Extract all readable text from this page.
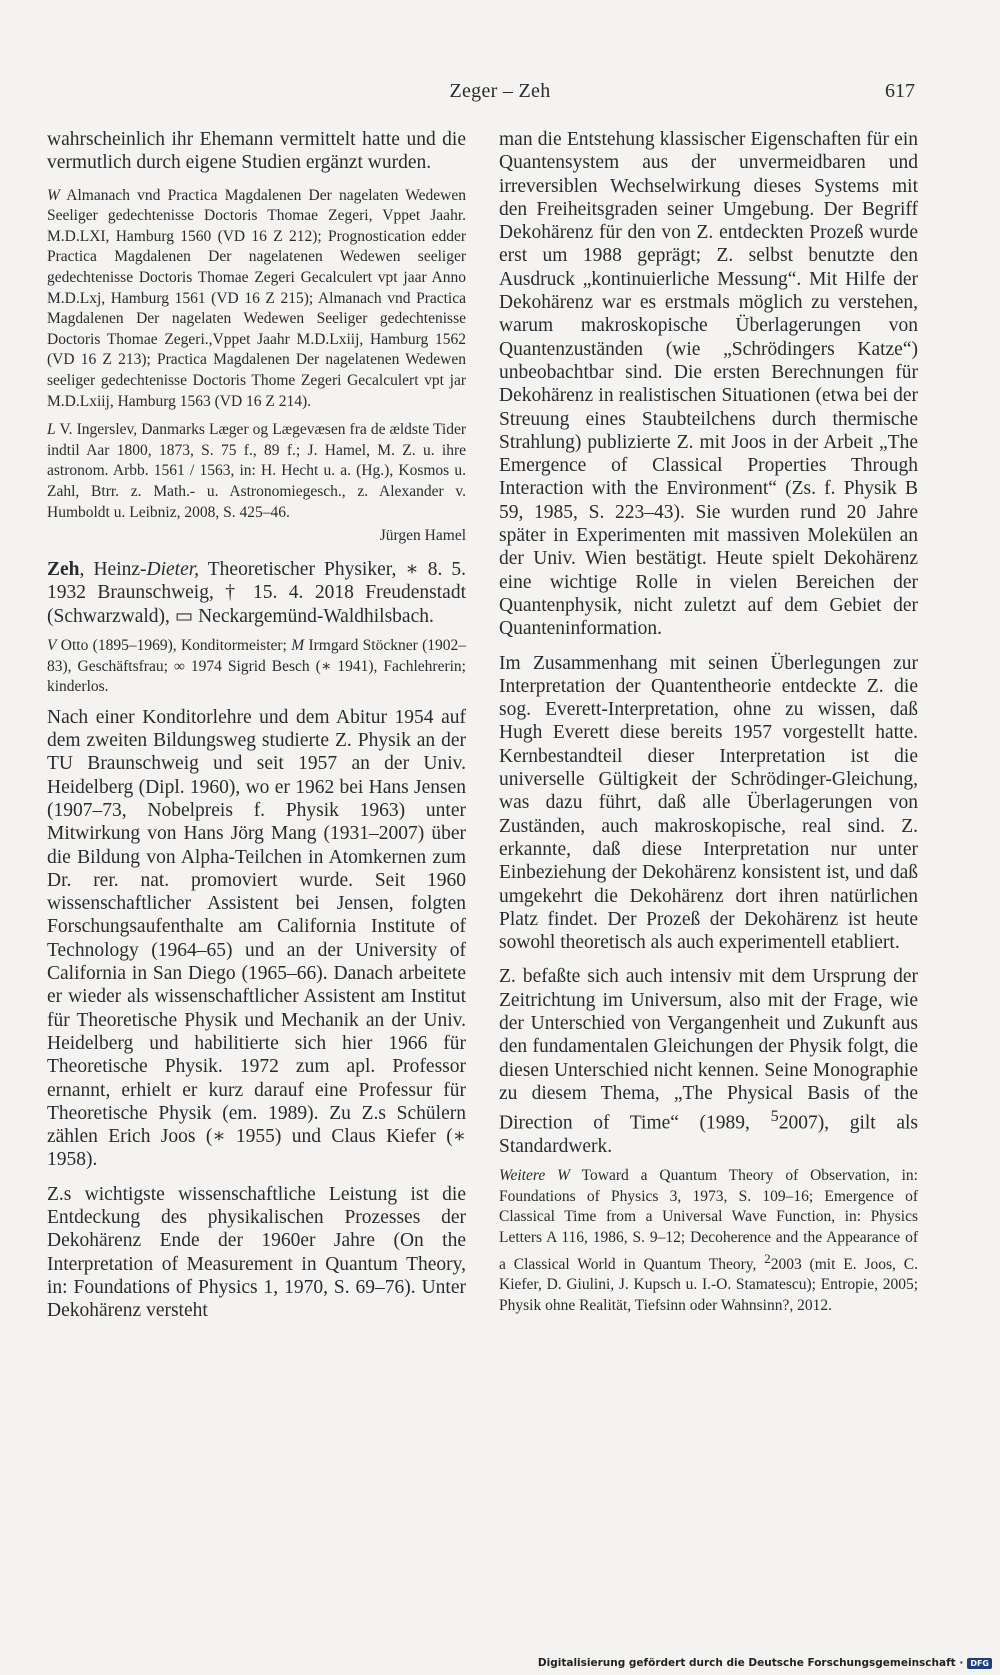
Zeger – Zeh	617

wahrscheinlich ihr Ehemann vermittelt hatte und die vermutlich durch eigene Studien ergänzt wurden.

W Almanach vnd Practica Magdalenen Der nagelaten Wedewen Seeliger gedechtenisse Doctoris Thomae Zegeri, Vppet Jaahr. M.D.LXI, Hamburg 1560 (VD 16 Z 212); Prognostication edder Practica Magdalenen Der nagelatenen Wedewen seeliger gedechtenisse Doctoris Thomae Zegeri Gecalculert vpt jaar Anno M.D.Lxj, Hamburg 1561 (VD 16 Z 215); Almanach vnd Practica Magdalenen Der nagelaten Wedewen Seeliger gedechtenisse Doctoris Thomae Zegeri.,Vppet Jaahr M.D.Lxiij, Hamburg 1562 (VD 16 Z 213); Practica Magdalenen Der nagelatenen Wedewen seeliger gedechtenisse Doctoris Thome Zegeri Gecalculert vpt jar M.D.Lxiij, Hamburg 1563 (VD 16 Z 214).

L V. Ingerslev, Danmarks Læger og Lægevæsen fra de ældste Tider indtil Aar 1800, 1873, S. 75 f., 89 f.; J. Hamel, M. Z. u. ihre astronom. Arbb. 1561 / 1563, in: H. Hecht u. a. (Hg.), Kosmos u. Zahl, Btrr. z. Math.- u. Astronomiegesch., z. Alexander v. Humboldt u. Leibniz, 2008, S. 425–46.

Jürgen Hamel

Zeh, Heinz-Dieter, Theoretischer Physiker, ∗ 8. 5. 1932 Braunschweig, † 15. 4. 2018 Freudenstadt (Schwarzwald), ▭ Neckargemünd-Waldhilsbach.

V Otto (1895–1969), Konditormeister; M Irmgard Stöckner (1902–83), Geschäftsfrau; ∞ 1974 Sigrid Besch (∗ 1941), Fachlehrerin; kinderlos.

Nach einer Konditorlehre und dem Abitur 1954 auf dem zweiten Bildungsweg studierte Z. Physik an der TU Braunschweig und seit 1957 an der Univ. Heidelberg (Dipl. 1960), wo er 1962 bei Hans Jensen (1907–73, Nobelpreis f. Physik 1963) unter Mitwirkung von Hans Jörg Mang (1931–2007) über die Bildung von Alpha-Teilchen in Atomkernen zum Dr. rer. nat. promoviert wurde. Seit 1960 wissenschaftlicher Assistent bei Jensen, folgten Forschungsaufenthalte am California Institute of Technology (1964–65) und an der University of California in San Diego (1965–66). Danach arbeitete er wieder als wissenschaftlicher Assistent am Institut für Theoretische Physik und Mechanik an der Univ. Heidelberg und habilitierte sich hier 1966 für Theoretische Physik. 1972 zum apl. Professor ernannt, erhielt er kurz darauf eine Professur für Theoretische Physik (em. 1989). Zu Z.s Schülern zählen Erich Joos (∗ 1955) und Claus Kiefer (∗ 1958).

Z.s wichtigste wissenschaftliche Leistung ist die Entdeckung des physikalischen Prozesses der Dekohärenz Ende der 1960er Jahre (On the Interpretation of Measurement in Quantum Theory, in: Foundations of Physics 1, 1970, S. 69–76). Unter Dekohärenz versteht

man die Entstehung klassischer Eigenschaften für ein Quantensystem aus der unvermeidbaren und irreversiblen Wechselwirkung dieses Systems mit den Freiheitsgraden seiner Umgebung. Der Begriff Dekohärenz für den von Z. entdeckten Prozeß wurde erst um 1988 geprägt; Z. selbst benutzte den Ausdruck „kontinuierliche Messung“. Mit Hilfe der Dekohärenz war es erstmals möglich zu verstehen, warum makroskopische Überlagerungen von Quantenzuständen (wie „Schrödingers Katze“) unbeobachtbar sind. Die ersten Berechnungen für Dekohärenz in realistischen Situationen (etwa bei der Streuung eines Staubteilchens durch thermische Strahlung) publizierte Z. mit Joos in der Arbeit „The Emergence of Classical Properties Through Interaction with the Environment“ (Zs. f. Physik B 59, 1985, S. 223–43). Sie wurden rund 20 Jahre später in Experimenten mit massiven Molekülen an der Univ. Wien bestätigt. Heute spielt Dekohärenz eine wichtige Rolle in vielen Bereichen der Quantenphysik, nicht zuletzt auf dem Gebiet der Quanteninformation.

Im Zusammenhang mit seinen Überlegungen zur Interpretation der Quantentheorie entdeckte Z. die sog. Everett-Interpretation, ohne zu wissen, daß Hugh Everett diese bereits 1957 vorgestellt hatte. Kernbestandteil dieser Interpretation ist die universelle Gültigkeit der Schrödinger-Gleichung, was dazu führt, daß alle Überlagerungen von Zuständen, auch makroskopische, real sind. Z. erkannte, daß diese Interpretation nur unter Einbeziehung der Dekohärenz konsistent ist, und daß umgekehrt die Dekohärenz dort ihren natürlichen Platz findet. Der Prozeß der Dekohärenz ist heute sowohl theoretisch als auch experimentell etabliert.

Z. befaßte sich auch intensiv mit dem Ursprung der Zeitrichtung im Universum, also mit der Frage, wie der Unterschied von Vergangenheit und Zukunft aus den fundamentalen Gleichungen der Physik folgt, die diesen Unterschied nicht kennen. Seine Monographie zu diesem Thema, „The Physical Basis of the Direction of Time“ (1989, $^5$2007), gilt als Standardwerk.

Weitere W Toward a Quantum Theory of Observation, in: Foundations of Physics 3, 1973, S. 109–16; Emergence of Classical Time from a Universal Wave Function, in: Physics Letters A 116, 1986, S. 9–12; Decoherence and the Appearance of a Classical World in Quantum Theory, $^2$2003 (mit E. Joos, C. Kiefer, D. Giulini, J. Kupsch u. I.-O. Stamatescu); Entropie, 2005; Physik ohne Realität, Tiefsinn oder Wahnsinn?, 2012.

Digitalisierung gefördert durch die Deutsche Forschungsgemeinschaft · DFG
